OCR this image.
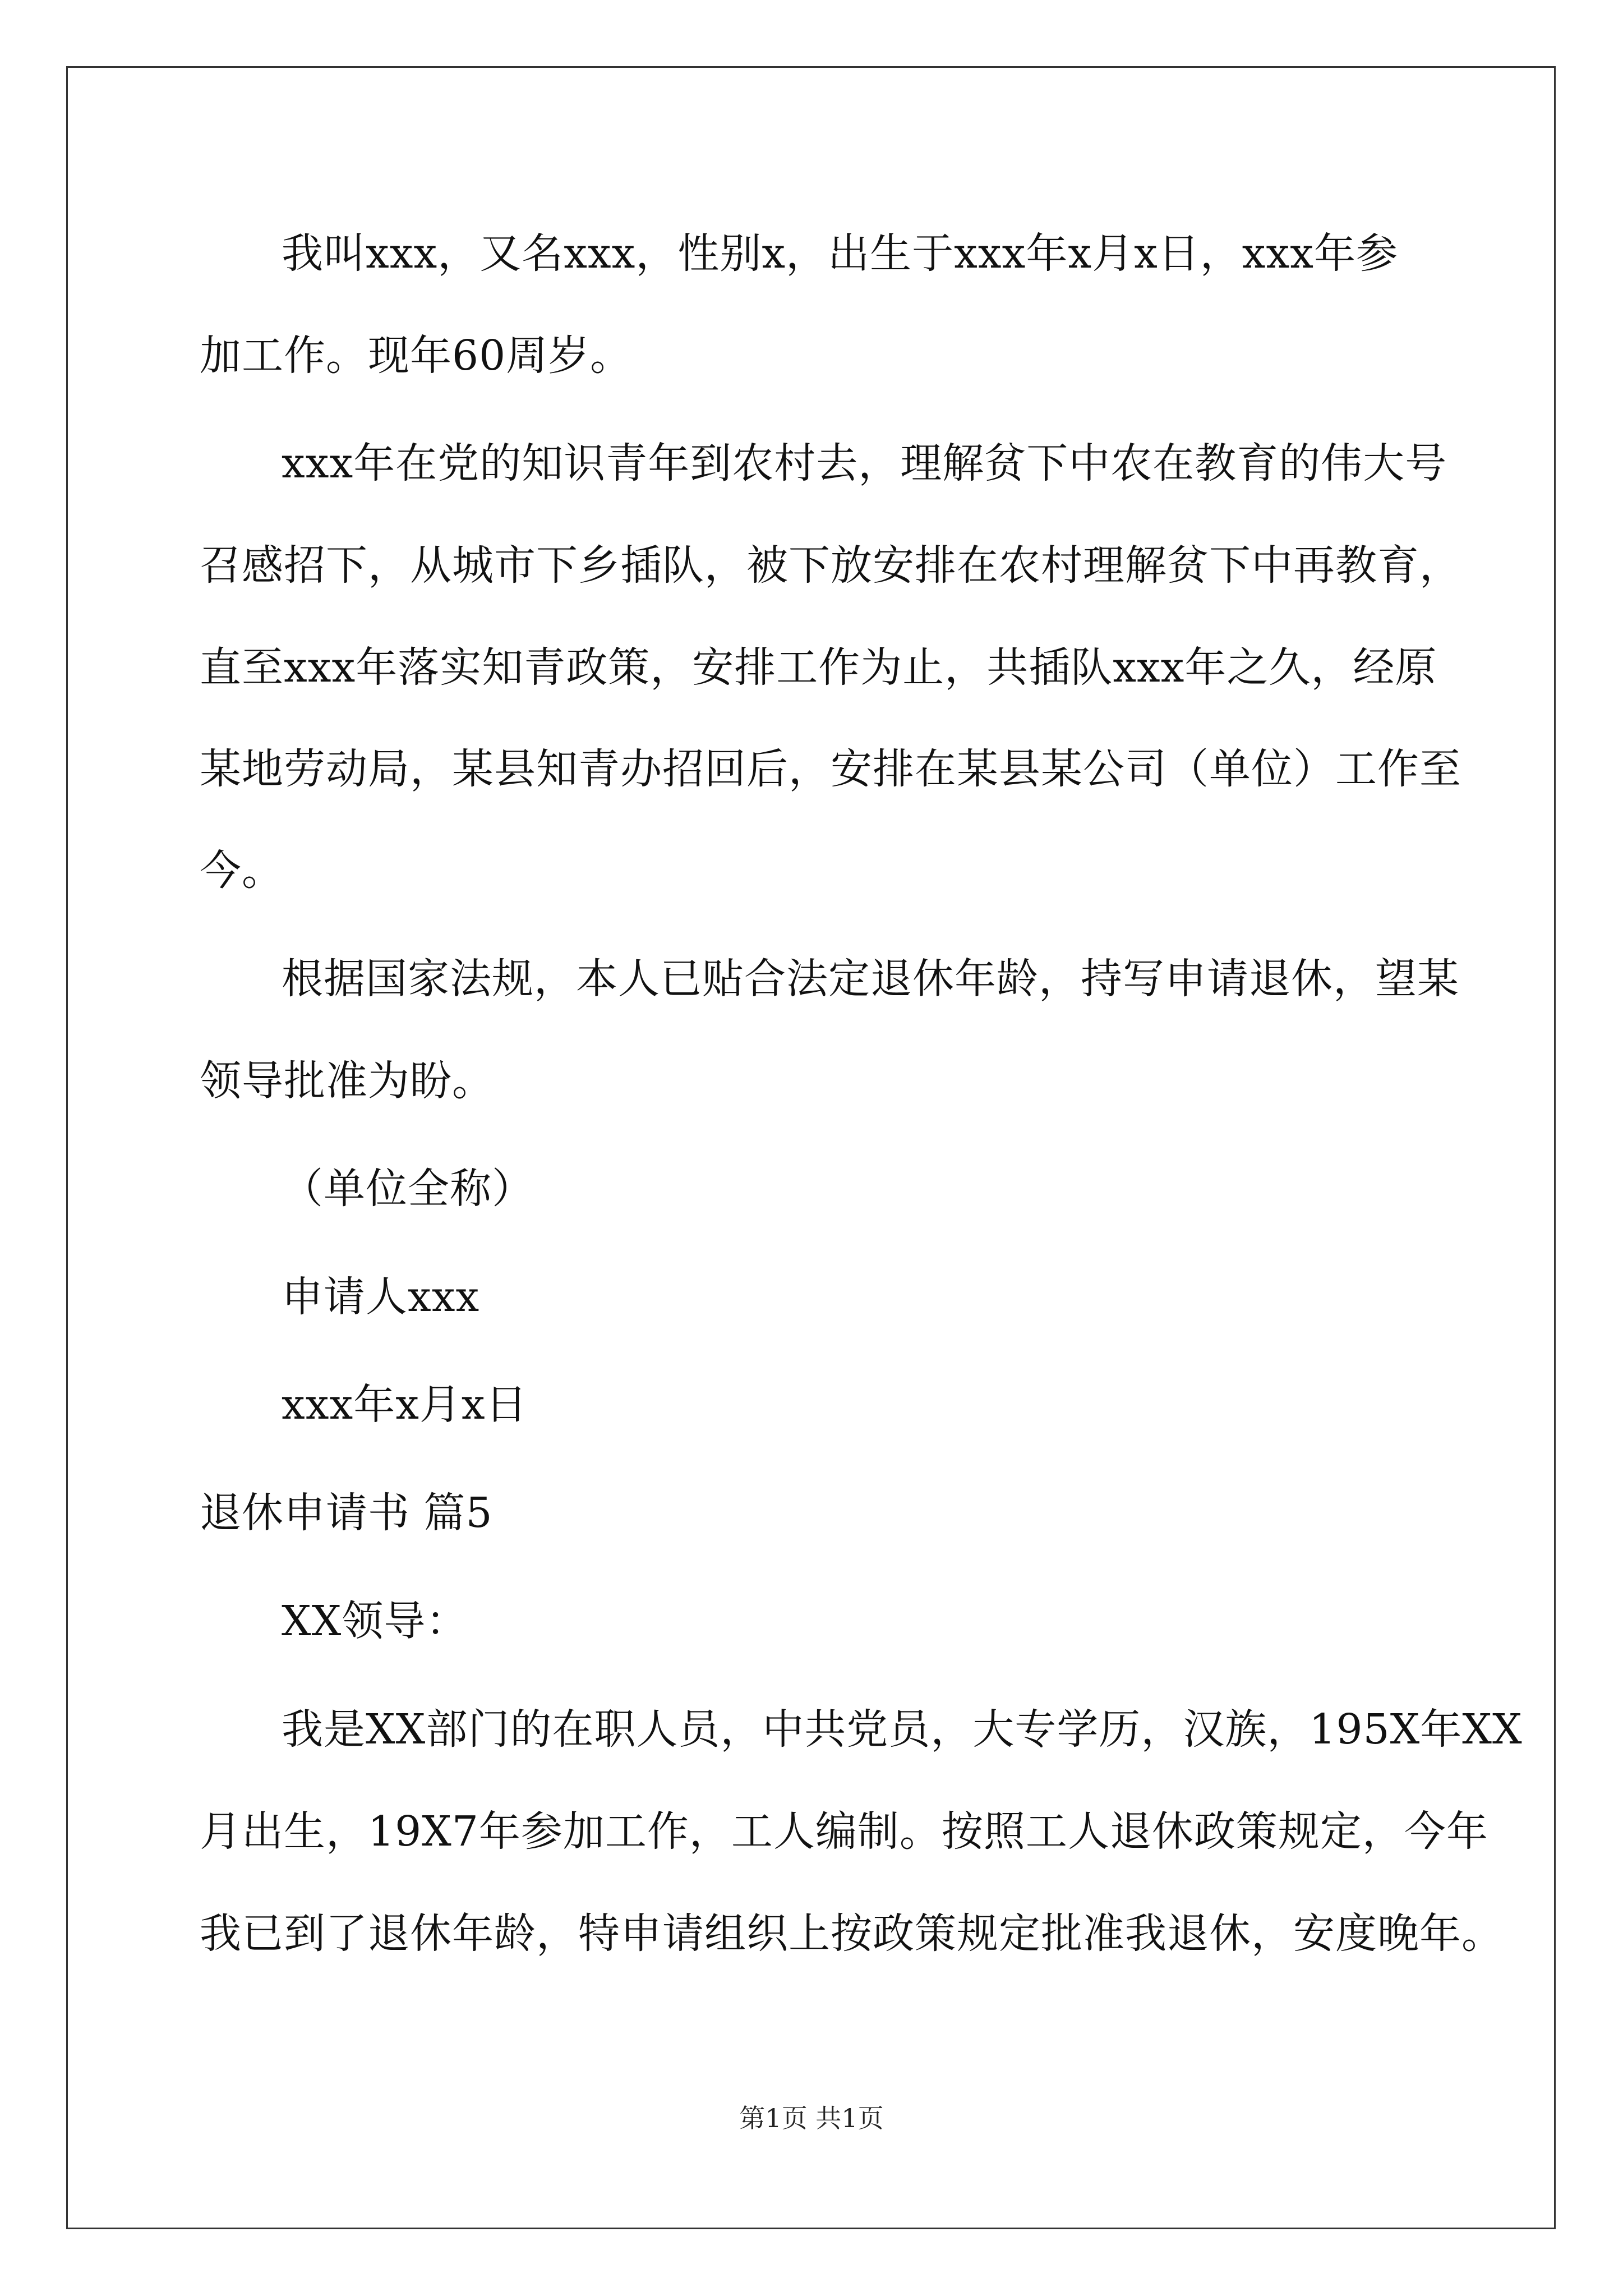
我叫xxx，又名xxx，性别x，出生于xxx年x月x日，xxx年参
加工作。现年60周岁。
xxx年在党的知识青年到农村去，理解贫下中农在教育的伟大号
召感招下，从城市下乡插队，被下放安排在农村理解贫下中再教育，
直至xxx年落实知青政策，安排工作为止，共插队xxx年之久，经原
某地劳动局，某县知青办招回后，安排在某县某公司（单位）工作至
今。
根据国家法规，本人已贴合法定退休年龄，持写申请退休，望某
领导批准为盼。
（单位全称）
申请人xxx
xxx年x月x日
退休申请书 篇5
XX领导：
我是XX部门的在职人员，中共党员，大专学历，汉族，195X年XX
月出生，19X7年参加工作，工人编制。按照工人退休政策规定，今年
我已到了退休年龄，特申请组织上按政策规定批准我退休，安度晚年。
第1页 共1页
